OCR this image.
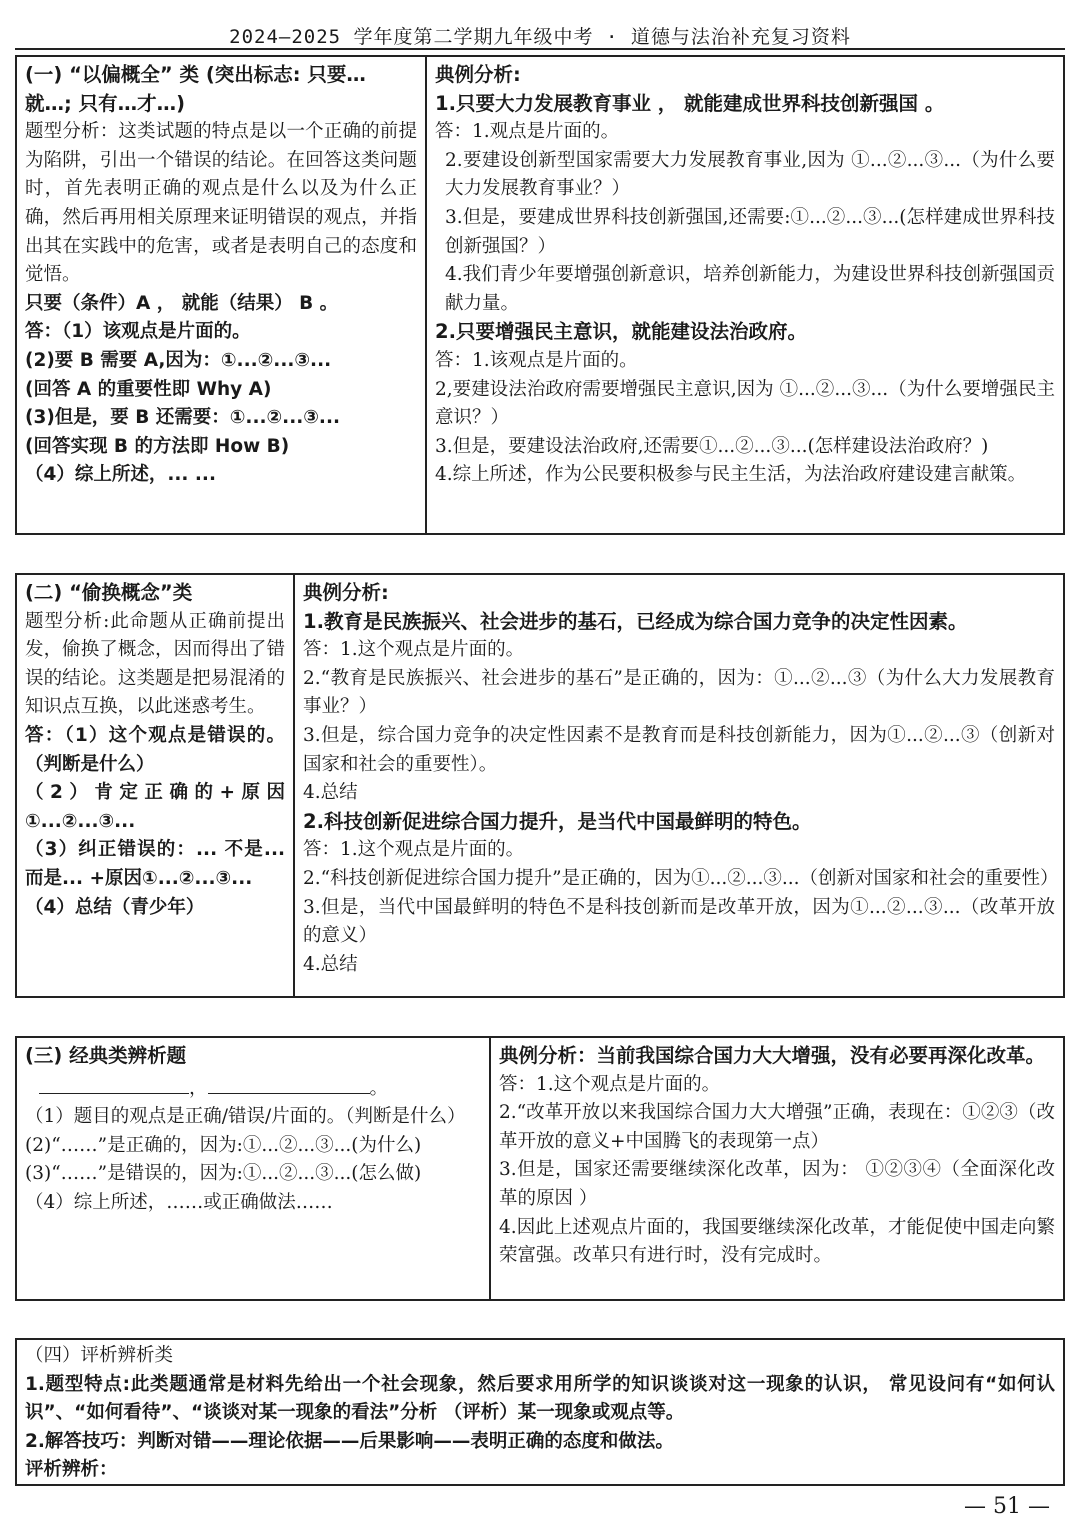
2024—2025 学年度第二学期九年级中考 · 道德与法治补充复习资料
(一) “以偏概全” 类 (突出标志: 只要…
就…; 只有…才…)
题型分析：这类试题的特点是以一个正确的前提为陷阱，引出一个错误的结论。在回答这类问题时，首先表明正确的观点是什么以及为什么正确，然后再用相关原理来证明错误的观点，并指出其在实践中的危害，或者是表明自己的态度和觉悟。
只要（条件）A ， 就能（结果） B 。
答：（1）该观点是片面的。
(2)要 B 需要 A,因为：①...②...③...
(回答 A 的重要性即 Why A)
(3)但是，要 B 还需要：①...②...③...
(回答实现 B 的方法即 How B)
（4）综上所述，... ...
典例分析:
1.只要大力发展教育事业 ， 就能建成世界科技创新强国 。
答：1.观点是片面的。
2.要建设创新型国家需要大力发展教育事业,因为 ①...②...③...（为什么要大力发展教育事业？）
3.但是，要建成世界科技创新强国,还需要:①...②...③...(怎样建成世界科技创新强国？）
4.我们青少年要增强创新意识，培养创新能力，为建设世界科技创新强国贡献力量。
2.只要增强民主意识，就能建设法治政府。
答：1.该观点是片面的。
2,要建设法治政府需要增强民主意识,因为 ①...②...③...（为什么要增强民主意识？）
3.但是，要建设法治政府,还需要①...②...③...(怎样建设法治政府？)
4.综上所述，作为公民要积极参与民主生活，为法治政府建设建言献策。
(二) “偷换概念”类
题型分析:此命题从正确前提出发，偷换了概念，因而得出了错误的结论。这类题是把易混淆的知识点互换，以此迷惑考生。
答：（1）这个观点是错误的。（判断是什么）
（2）肯定正确的+原因①...②...③...
（3）纠正错误的：... 不是... 而是... +原因①...②...③...
（4）总结（青少年）
典例分析:
1.教育是民族振兴、社会进步的基石，已经成为综合国力竞争的决定性因素。
答：1.这个观点是片面的。
2.“教育是民族振兴、社会进步的基石”是正确的，因为：①...②...③（为什么大力发展教育事业？）
3.但是，综合国力竞争的决定性因素不是教育而是科技创新能力，因为①...②...③（创新对国家和社会的重要性）。
4.总结
2.科技创新促进综合国力提升，是当代中国最鲜明的特色。
答：1.这个观点是片面的。
2.“科技创新促进综合国力提升”是正确的，因为①...②...③...（创新对国家和社会的重要性）
3.但是，当代中国最鲜明的特色不是科技创新而是改革开放，因为①...②...③...（改革开放的意义）
4.总结
(三) 经典类辨析题
，	。
（1）题目的观点是正确/错误/片面的。（判断是什么）
(2)“……”是正确的，因为:①...②...③...(为什么)
(3)“……”是错误的，因为:①...②...③...(怎么做)
（4）综上所述，……或正确做法……
典例分析：当前我国综合国力大大增强，没有必要再深化改革。
答：1.这个观点是片面的。
2.“改革开放以来我国综合国力大大增强”正确，表现在：①②③（改革开放的意义+中国腾飞的表现第一点）
3.但是，国家还需要继续深化改革，因为： ①②③④（全面深化改革的原因 ）
4.因此上述观点片面的，我国要继续深化改革，才能促使中国走向繁荣富强。改革只有进行时，没有完成时。
（四）评析辨析类
1.题型特点:此类题通常是材料先给出一个社会现象，然后要求用所学的知识谈谈对这一现象的认识， 常见设问有“如何认识”、“如何看待”、“谈谈对某一现象的看法”分析 （评析）某一现象或观点等。
2.解答技巧：判断对错——理论依据——后果影响——表明正确的态度和做法。
评析辨析：
— 51 —
